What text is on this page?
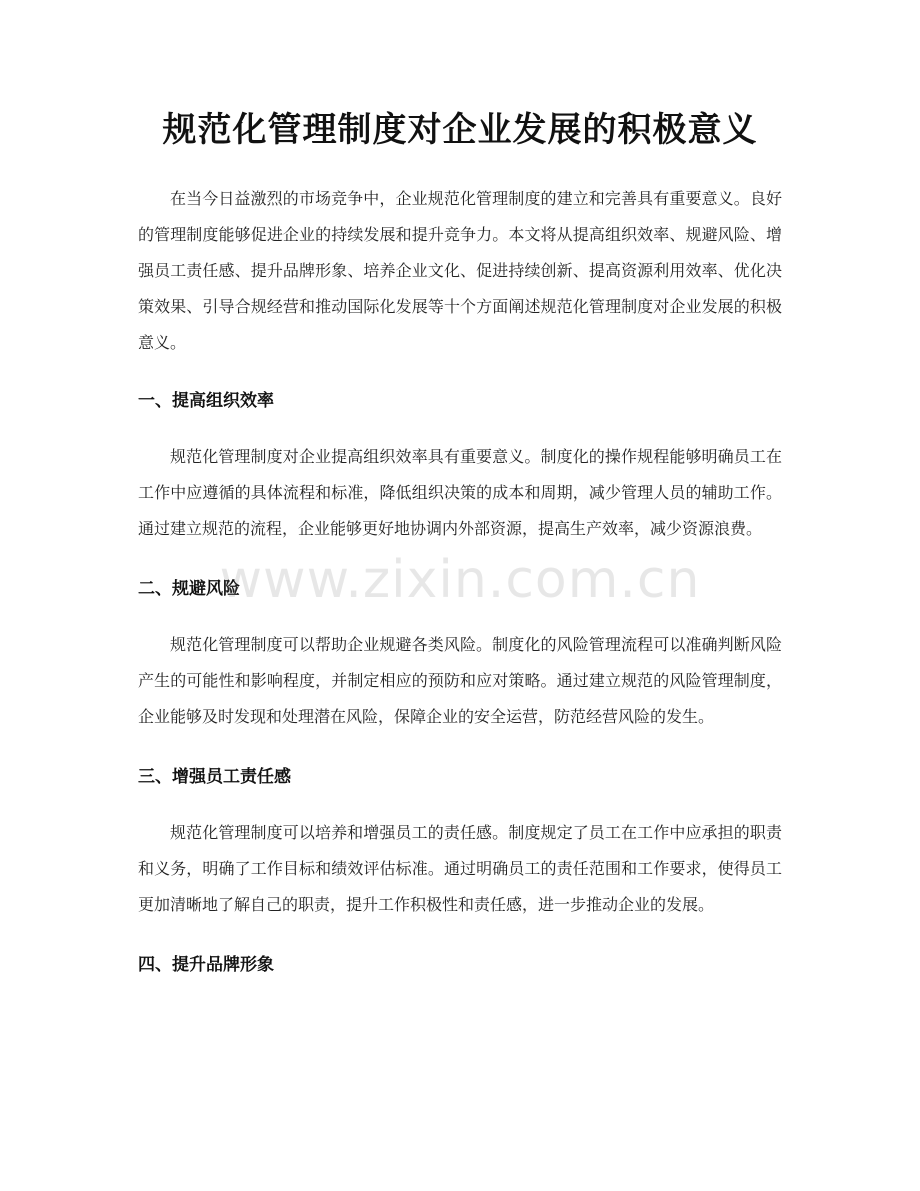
规范化管理制度对企业发展的积极意义

在当今日益激烈的市场竞争中，企业规范化管理制度的建立和完善具有重要意义。良好的管理制度能够促进企业的持续发展和提升竞争力。本文将从提高组织效率、规避风险、增强员工责任感、提升品牌形象、培养企业文化、促进持续创新、提高资源利用效率、优化决策效果、引导合规经营和推动国际化发展等十个方面阐述规范化管理制度对企业发展的积极意义。

一、提高组织效率

规范化管理制度对企业提高组织效率具有重要意义。制度化的操作规程能够明确员工在工作中应遵循的具体流程和标准，降低组织决策的成本和周期，减少管理人员的辅助工作。通过建立规范的流程，企业能够更好地协调内外部资源，提高生产效率，减少资源浪费。

二、规避风险

规范化管理制度可以帮助企业规避各类风险。制度化的风险管理流程可以准确判断风险产生的可能性和影响程度，并制定相应的预防和应对策略。通过建立规范的风险管理制度，企业能够及时发现和处理潜在风险，保障企业的安全运营，防范经营风险的发生。

三、增强员工责任感

规范化管理制度可以培养和增强员工的责任感。制度规定了员工在工作中应承担的职责和义务，明确了工作目标和绩效评估标准。通过明确员工的责任范围和工作要求，使得员工更加清晰地了解自己的职责，提升工作积极性和责任感，进一步推动企业的发展。

四、提升品牌形象
www.zixin.com.cn
